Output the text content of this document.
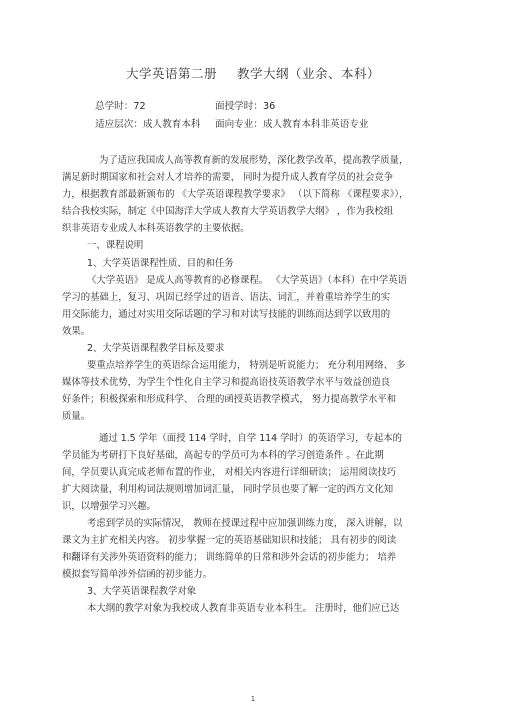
大学英语第二册 教学大纲（业余、本科）
总学时：72	面授学时：36
适应层次：成人教育本科 面向专业：成人教育本科非英语专业
为了适应我国成人高等教育新的发展形势，深化教学改革，提高教学质量，
满足新时期国家和社会对人才培养的需要， 同时为提升成人教育学员的社会竞争
力，根据教育部最新颁布的 《大学英语课程教学要求》 （以下简称 《课程要求》），
结合我校实际，制定《中国海洋大学成人教育大学英语教学大纲》 ，作为我校组
织非英语专业成人本科英语教学的主要依据。
一、课程说明
1、大学英语课程性质、目的和任务
《大学英语》 是成人高等教育的必修课程。 《大学英语》（本科）在中学英语
学习的基础上，复习、巩固已经学过的语音、语法、词汇，并着重培养学生的实
用交际能力，通过对实用交际话题的学习和对读写技能的训练而达到学以致用的
效果。
2、大学英语课程教学目标及要求
要重点培养学生的英语综合运用能力， 特别是听说能力； 充分利用网络、 多
媒体等技术优势，为学生个性化自主学习和提高语技英语教学水平与效益创造良
好条件；积极探索和形成科学、 合理的函授英语教学模式， 努力提高教学水平和
质量。
通过 1.5 学年（面授 114 学时，自学 114 学时）的英语学习，专起本的
学员能为考研打下良好基础，高起专的学员可为本科的学习创造条件 。在此期
间，学员要认真完成老师布置的作业， 对相关内容进行详细研读； 运用阅读技巧
扩大阅读量，利用构词法规则增加词汇量， 同时学员也要了解一定的西方文化知
识，以增强学习兴趣。
考虑到学员的实际情况， 教师在授课过程中应加强训练力度， 深入讲解，以
课文为主扩充相关内容。 初步掌握一定的英语基础知识和技能； 具有初步的阅读
和翻译有关涉外英语资料的能力； 训练简单的日常和涉外会话的初步能力； 培养
模拟套写简单涉外信函的初步能力。
3、大学英语课程教学对象
本大纲的教学对象为我校成人教育非英语专业本科生。 注册时，他们应已达
1
